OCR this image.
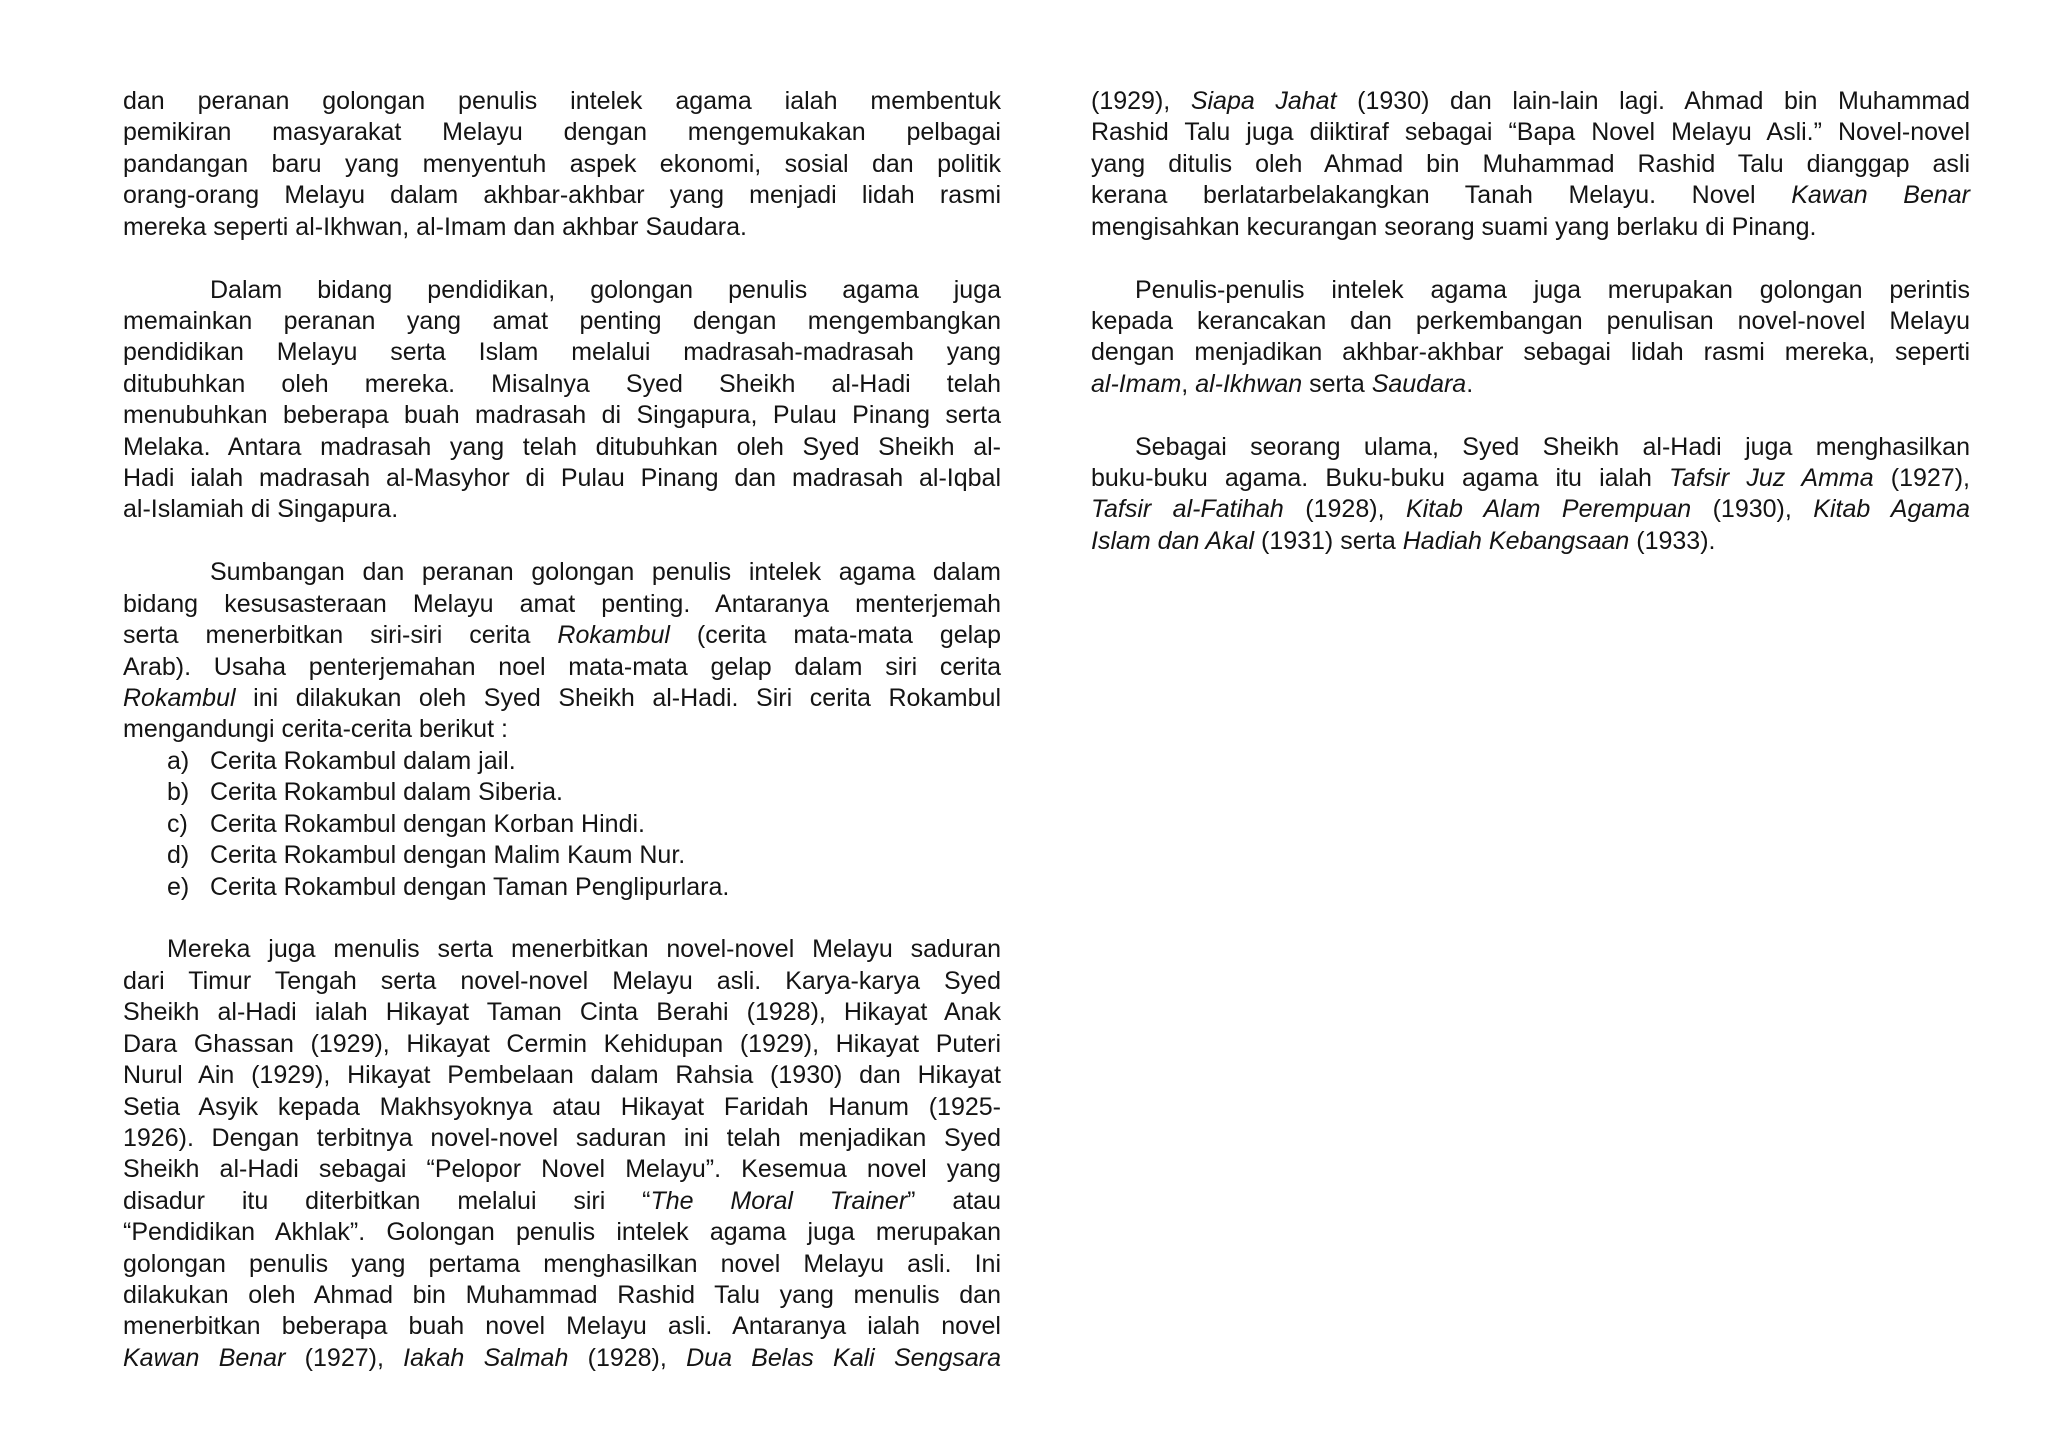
dan peranan golongan penulis intelek agama ialah membentuk
pemikiran masyarakat Melayu dengan mengemukakan pelbagai
pandangan baru yang menyentuh aspek ekonomi, sosial dan politik
orang-orang Melayu dalam akhbar-akhbar yang menjadi lidah rasmi
mereka seperti al-Ikhwan, al-Imam dan akhbar Saudara.
Dalam bidang pendidikan, golongan penulis agama juga
memainkan peranan yang amat penting dengan mengembangkan
pendidikan Melayu serta Islam melalui madrasah-madrasah yang
ditubuhkan oleh mereka. Misalnya Syed Sheikh al-Hadi telah
menubuhkan beberapa buah madrasah di Singapura, Pulau Pinang serta
Melaka. Antara madrasah yang telah ditubuhkan oleh Syed Sheikh al-
Hadi ialah madrasah al-Masyhor di Pulau Pinang dan madrasah al-Iqbal
al-Islamiah di Singapura.
Sumbangan dan peranan golongan penulis intelek agama dalam
bidang kesusasteraan Melayu amat penting. Antaranya menterjemah
serta menerbitkan siri-siri cerita Rokambul (cerita mata-mata gelap
Arab). Usaha penterjemahan noel mata-mata gelap dalam siri cerita
Rokambul ini dilakukan oleh Syed Sheikh al-Hadi. Siri cerita Rokambul
mengandungi cerita-cerita berikut :
a) Cerita Rokambul dalam jail.
b) Cerita Rokambul dalam Siberia.
c) Cerita Rokambul dengan Korban Hindi.
d) Cerita Rokambul dengan Malim Kaum Nur.
e) Cerita Rokambul dengan Taman Penglipurlara.
Mereka juga menulis serta menerbitkan novel-novel Melayu saduran
dari Timur Tengah serta novel-novel Melayu asli. Karya-karya Syed
Sheikh al-Hadi ialah Hikayat Taman Cinta Berahi (1928), Hikayat Anak
Dara Ghassan (1929), Hikayat Cermin Kehidupan (1929), Hikayat Puteri
Nurul Ain (1929), Hikayat Pembelaan dalam Rahsia (1930) dan Hikayat
Setia Asyik kepada Makhsyoknya atau Hikayat Faridah Hanum (1925-
1926). Dengan terbitnya novel-novel saduran ini telah menjadikan Syed
Sheikh al-Hadi sebagai “Pelopor Novel Melayu”. Kesemua novel yang
disadur itu diterbitkan melalui siri “The Moral Trainer” atau
“Pendidikan Akhlak”. Golongan penulis intelek agama juga merupakan
golongan penulis yang pertama menghasilkan novel Melayu asli. Ini
dilakukan oleh Ahmad bin Muhammad Rashid Talu yang menulis dan
menerbitkan beberapa buah novel Melayu asli. Antaranya ialah novel
Kawan Benar (1927), Iakah Salmah (1928), Dua Belas Kali Sengsara
(1929), Siapa Jahat (1930) dan lain-lain lagi. Ahmad bin Muhammad
Rashid Talu juga diiktiraf sebagai “Bapa Novel Melayu Asli.” Novel-novel
yang ditulis oleh Ahmad bin Muhammad Rashid Talu dianggap asli
kerana berlatarbelakangkan Tanah Melayu. Novel Kawan Benar
mengisahkan kecurangan seorang suami yang berlaku di Pinang.
Penulis-penulis intelek agama juga merupakan golongan perintis
kepada kerancakan dan perkembangan penulisan novel-novel Melayu
dengan menjadikan akhbar-akhbar sebagai lidah rasmi mereka, seperti
al-Imam, al-Ikhwan serta Saudara.
Sebagai seorang ulama, Syed Sheikh al-Hadi juga menghasilkan
buku-buku agama. Buku-buku agama itu ialah Tafsir Juz Amma (1927),
Tafsir al-Fatihah (1928), Kitab Alam Perempuan (1930), Kitab Agama
Islam dan Akal (1931) serta Hadiah Kebangsaan (1933).
